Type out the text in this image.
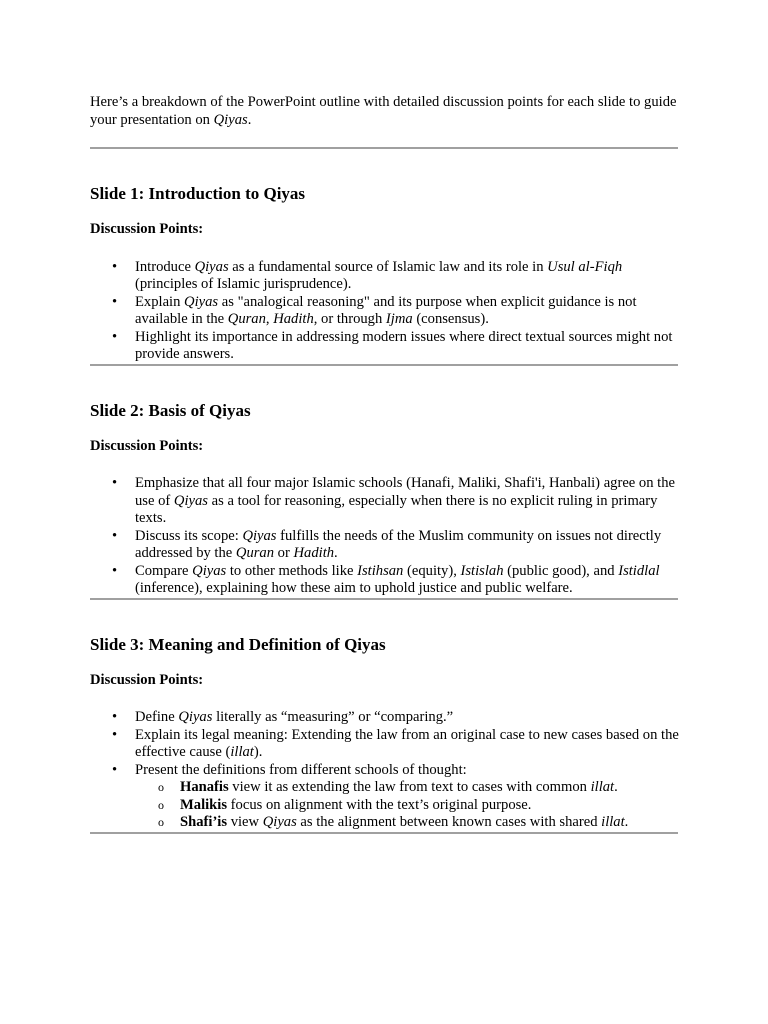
Here’s a breakdown of the PowerPoint outline with detailed discussion points for each slide to guide your presentation on Qiyas.

Slide 1: Introduction to Qiyas

Discussion Points:

• Introduce Qiyas as a fundamental source of Islamic law and its role in Usul al-Fiqh (principles of Islamic jurisprudence).
• Explain Qiyas as "analogical reasoning" and its purpose when explicit guidance is not available in the Quran, Hadith, or through Ijma (consensus).
• Highlight its importance in addressing modern issues where direct textual sources might not provide answers.
Slide 2: Basis of Qiyas

Discussion Points:

• Emphasize that all four major Islamic schools (Hanafi, Maliki, Shafi'i, Hanbali) agree on the use of Qiyas as a tool for reasoning, especially when there is no explicit ruling in primary texts.
• Discuss its scope: Qiyas fulfills the needs of the Muslim community on issues not directly addressed by the Quran or Hadith.
• Compare Qiyas to other methods like Istihsan (equity), Istislah (public good), and Istidlal (inference), explaining how these aim to uphold justice and public welfare.
Slide 3: Meaning and Definition of Qiyas

Discussion Points:

• Define Qiyas literally as “measuring” or “comparing.”
• Explain its legal meaning: Extending the law from an original case to new cases based on the effective cause (illat).
• Present the definitions from different schools of thought:
o Hanafis view it as extending the law from text to cases with common illat.
o Malikis focus on alignment with the text’s original purpose.
o Shafi’is view Qiyas as the alignment between known cases with shared illat.
